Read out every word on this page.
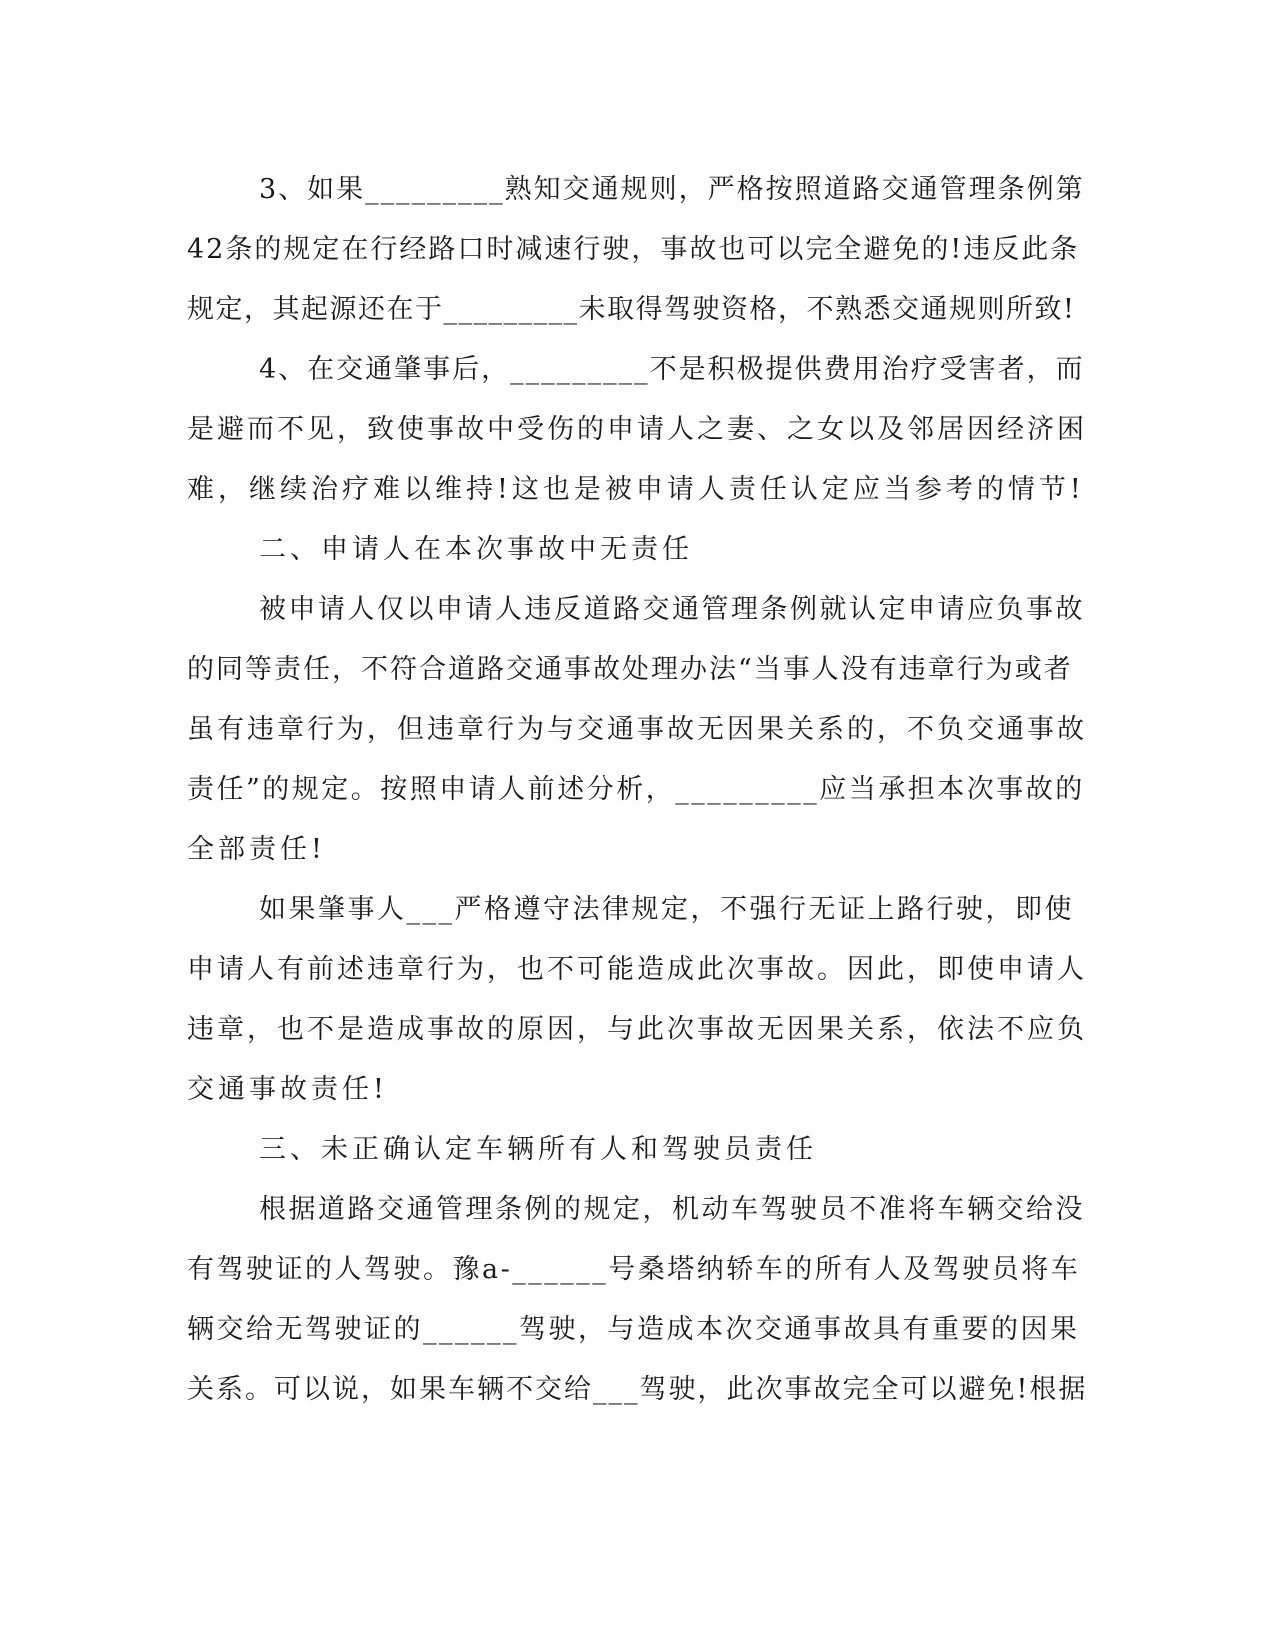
3、如果_________熟知交通规则，严格按照道路交通管理条例第
42条的规定在行经路口时减速行驶，事故也可以完全避免的!违反此条
规定，其起源还在于_________未取得驾驶资格，不熟悉交通规则所致!
4、在交通肇事后，_________不是积极提供费用治疗受害者，而
是避而不见，致使事故中受伤的申请人之妻、之女以及邻居因经济困
难，继续治疗难以维持!这也是被申请人责任认定应当参考的情节!
二、申请人在本次事故中无责任
被申请人仅以申请人违反道路交通管理条例就认定申请应负事故
的同等责任，不符合道路交通事故处理办法“当事人没有违章行为或者
虽有违章行为，但违章行为与交通事故无因果关系的，不负交通事故
责任”的规定。按照申请人前述分析，_________应当承担本次事故的
全部责任!
如果肇事人___严格遵守法律规定，不强行无证上路行驶，即使
申请人有前述违章行为，也不可能造成此次事故。因此，即使申请人
违章，也不是造成事故的原因，与此次事故无因果关系，依法不应负
交通事故责任!
三、未正确认定车辆所有人和驾驶员责任
根据道路交通管理条例的规定，机动车驾驶员不准将车辆交给没
有驾驶证的人驾驶。豫a-______号桑塔纳轿车的所有人及驾驶员将车
辆交给无驾驶证的______驾驶，与造成本次交通事故具有重要的因果
关系。可以说，如果车辆不交给___驾驶，此次事故完全可以避免!根据
